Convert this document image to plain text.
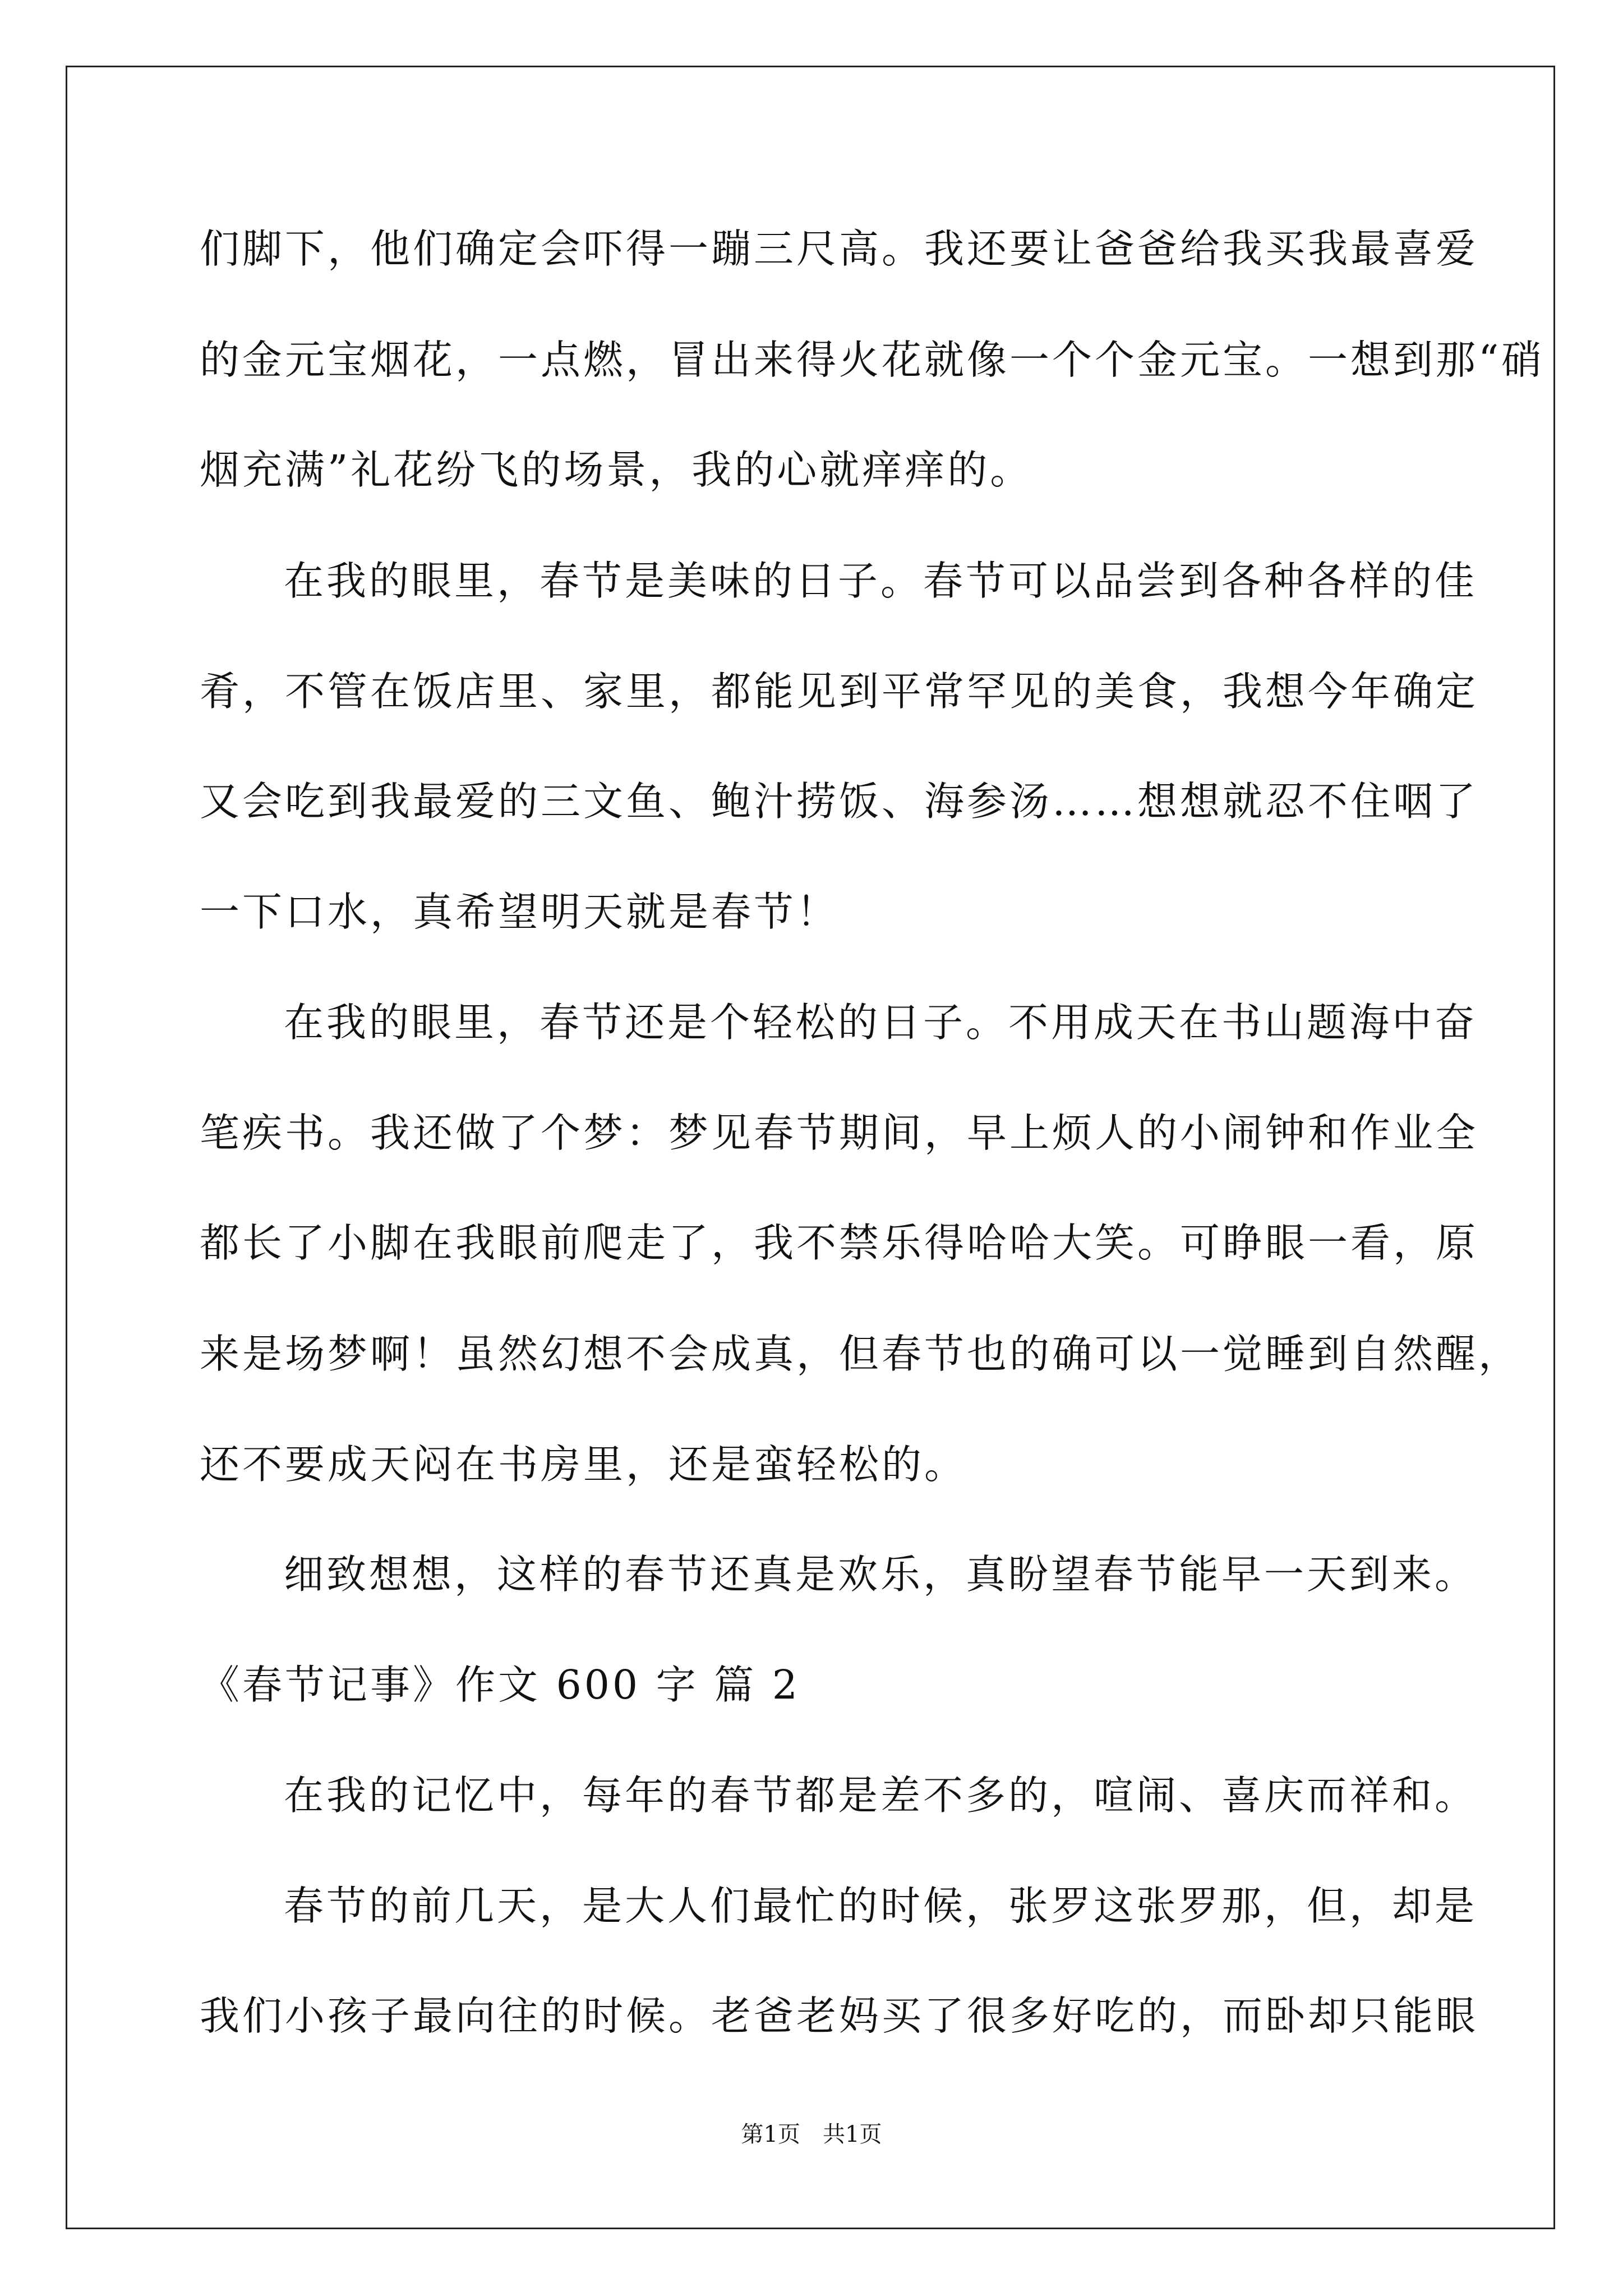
们脚下，他们确定会吓得一蹦三尺高。我还要让爸爸给我买我最喜爱
的金元宝烟花，一点燃，冒出来得火花就像一个个金元宝。一想到那“硝
烟充满”礼花纷飞的场景，我的心就痒痒的。
在我的眼里，春节是美味的日子。春节可以品尝到各种各样的佳
肴，不管在饭店里、家里，都能见到平常罕见的美食，我想今年确定
又会吃到我最爱的三文鱼、鲍汁捞饭、海参汤……想想就忍不住咽了
一下口水，真希望明天就是春节！
在我的眼里，春节还是个轻松的日子。不用成天在书山题海中奋
笔疾书。我还做了个梦：梦见春节期间，早上烦人的小闹钟和作业全
都长了小脚在我眼前爬走了，我不禁乐得哈哈大笑。可睁眼一看，原
来是场梦啊！虽然幻想不会成真，但春节也的确可以一觉睡到自然醒，
还不要成天闷在书房里，还是蛮轻松的。
细致想想，这样的春节还真是欢乐，真盼望春节能早一天到来。
《春节记事》作文 600 字 篇 2
在我的记忆中，每年的春节都是差不多的，喧闹、喜庆而祥和。
春节的前几天，是大人们最忙的时候，张罗这张罗那，但，却是
我们小孩子最向往的时候。老爸老妈买了很多好吃的，而卧却只能眼
第1页　共1页
